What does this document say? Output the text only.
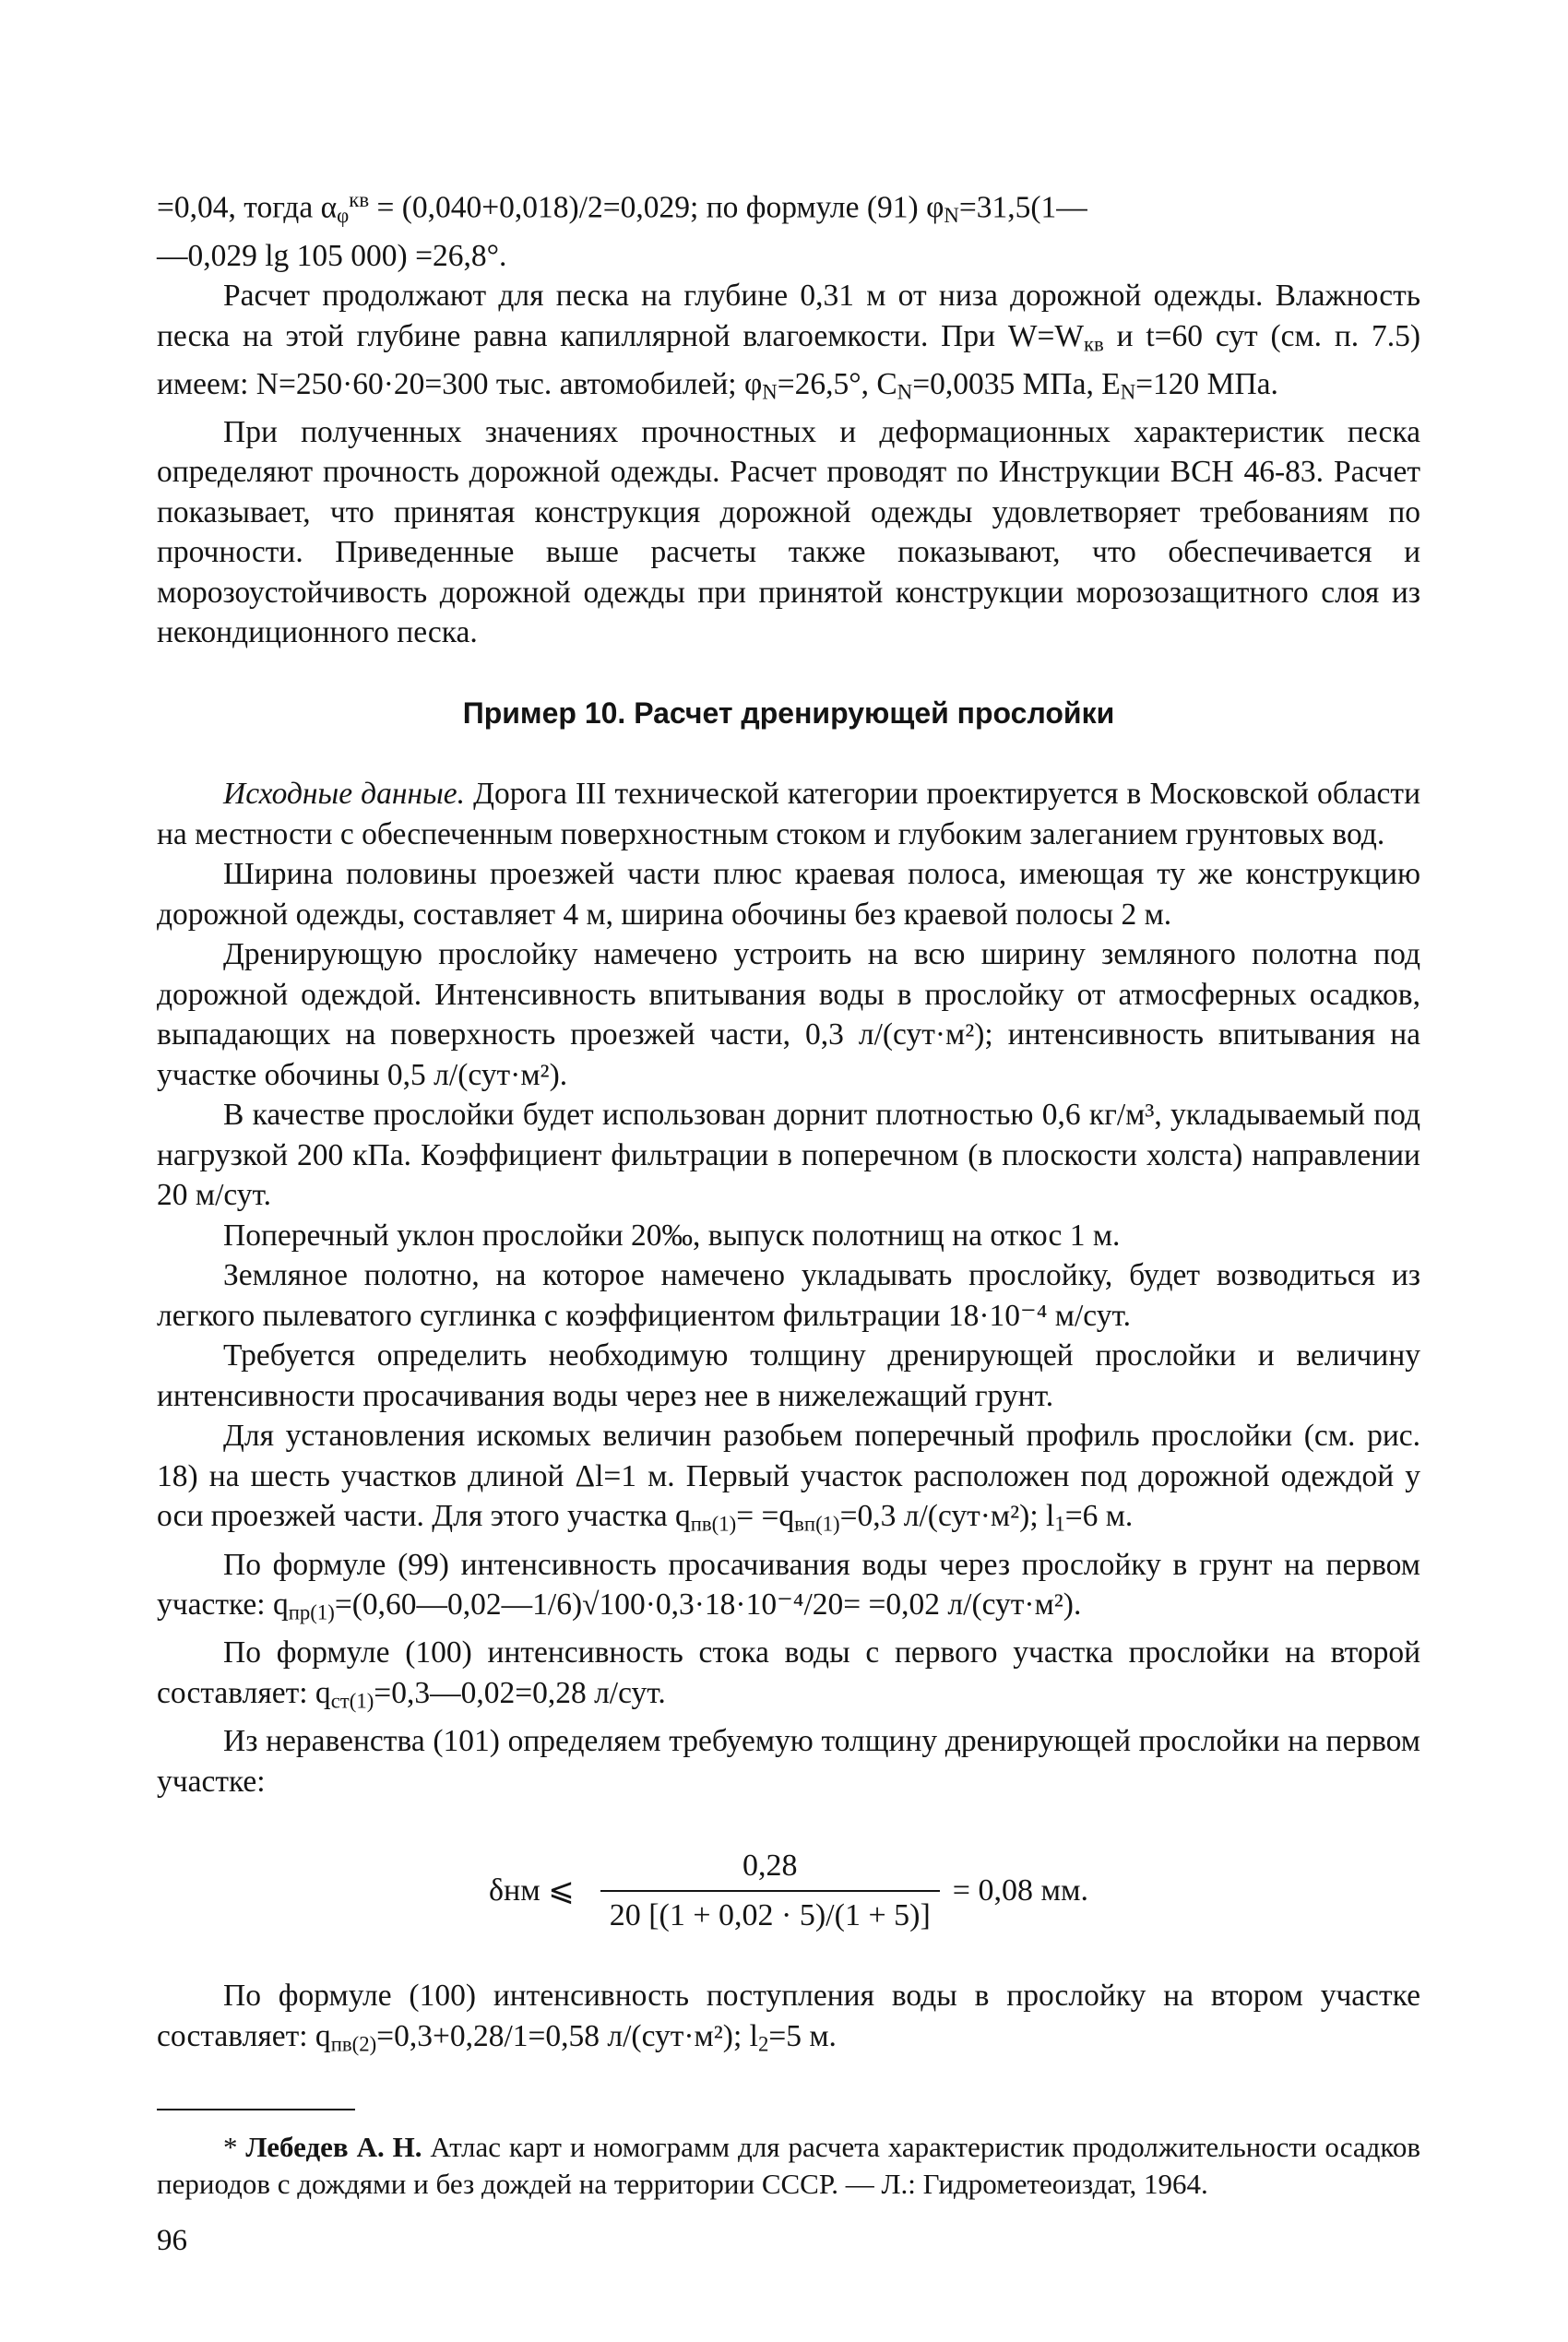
=0,04, тогда $\alpha_\varphi^{кв} = (0,040+0,018)/2=0,029$; по формуле (91) $\varphi_N=31,5(1—$
—0,029 lg 105 000) =26,8°.

Расчет продолжают для песка на глубине 0,31 м от низа дорожной одежды. Влажность песка на этой глубине равна капиллярной влагоемкости. При $W=W_{кв}$ и t=60 сут (см. п. 7.5) имеем: N=250·60·20=300 тыс. автомобилей; $\varphi_N=26,5^\circ$, $C_N=0,0035$ МПа, $E_N=120$ МПа.

При полученных значениях прочностных и деформационных характеристик песка определяют прочность дорожной одежды. Расчет проводят по Инструкции ВСН 46-83. Расчет показывает, что принятая конструкция дорожной одежды удовлетворяет требованиям по прочности. Приведенные выше расчеты также показывают, что обеспечивается и морозоустойчивость дорожной одежды при принятой конструкции морозозащитного слоя из некондиционного песка.

Пример 10. Расчет дренирующей прослойки

Исходные данные. Дорога III технической категории проектируется в Московской области на местности с обеспеченным поверхностным стоком и глубоким залеганием грунтовых вод.

Ширина половины проезжей части плюс краевая полоса, имеющая ту же конструкцию дорожной одежды, составляет 4 м, ширина обочины без краевой полосы 2 м.

Дренирующую прослойку намечено устроить на всю ширину земляного полотна под дорожной одеждой. Интенсивность впитывания воды в прослойку от атмосферных осадков, выпадающих на поверхность проезжей части, 0,3 л/(сут·м²); интенсивность впитывания на участке обочины 0,5 л/(сут·м²).

В качестве прослойки будет использован дорнит плотностью 0,6 кг/м³, укладываемый под нагрузкой 200 кПа. Коэффициент фильтрации в поперечном (в плоскости холста) направлении 20 м/сут.

Поперечный уклон прослойки 20‰, выпуск полотнищ на откос 1 м.

Земляное полотно, на которое намечено укладывать прослойку, будет возводиться из легкого пылеватого суглинка с коэффициентом фильтрации 18·10⁻⁴ м/сут.

Требуется определить необходимую толщину дренирующей прослойки и величину интенсивности просачивания воды через нее в нижележащий грунт.

Для установления искомых величин разобьем поперечный профиль прослойки (см. рис. 18) на шесть участков длиной Δl=1 м. Первый участок расположен под дорожной одеждой у оси проезжей части. Для этого участка $q_{пв(1)}= =q_{вп(1)}=0,3$ л/(сут·м²); $l_1=6$ м.

По формуле (99) интенсивность просачивания воды через прослойку в грунт на первом участке: $q_{пр(1)}=(0,60—0,02—1/6)√100\cdot 0,3\cdot 18\cdot 10^{-4}/20= =0,02$ л/(сут·м²).

По формуле (100) интенсивность стока воды с первого участка прослойки на второй составляет: $q_{ст(1)}=0,3—0,02=0,28$ л/сут.

Из неравенства (101) определяем требуемую толщину дренирующей прослойки на первом участке:

δнм ⩽ $\frac{0,28}{20 [(1 + 0,02 \cdot 5)/(1 + 5)]} = 0,08$ мм.

По формуле (100) интенсивность поступления воды в прослойку на втором участке составляет: $q_{пв(2)}=0,3+0,28/1=0,58$ л/(сут·м²); $l_2=5$ м.

* Лебедев А. Н. Атлас карт и номограмм для расчета характеристик продолжительности осадков периодов с дождями и без дождей на территории СССР. — Л.: Гидрометеоиздат, 1964.

96
